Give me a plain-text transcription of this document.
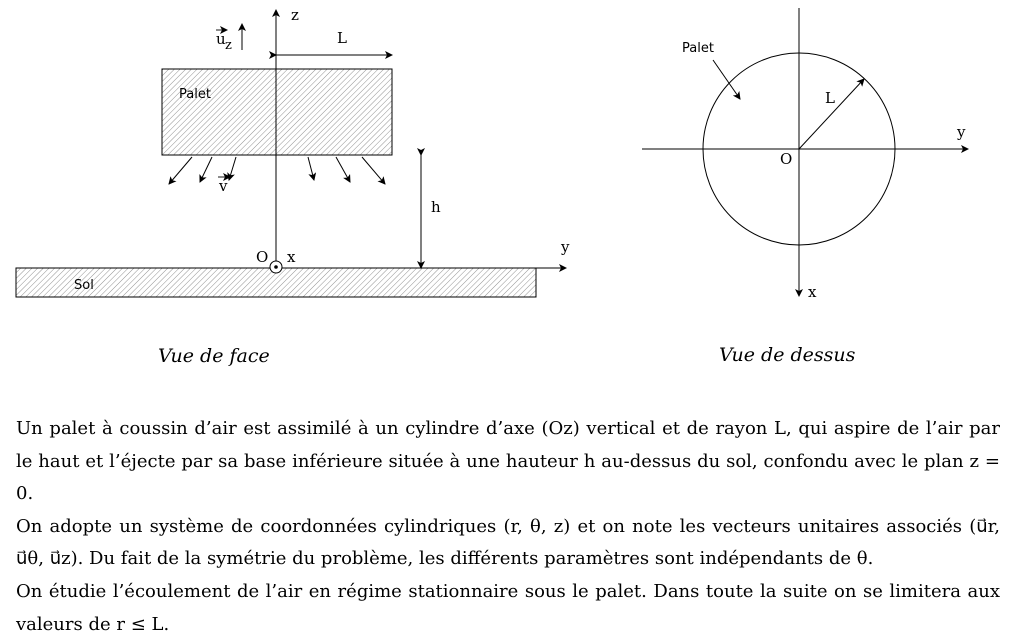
Sol
Palet
y
z
O x
u z	L
h
v
Vue de face
y
x
O
L
Palet
Vue de dessus

Un palet à coussin d’air est assimilé à un cylindre d’axe (Oz) vertical et de rayon L, qui aspire de l’air par le haut et l’éjecte par sa base inférieure située à une hauteur h au-dessus du sol, confondu avec le plan z = 0.

On adopte un système de coordonnées cylindriques (r, θ, z) et on note les vecteurs unitaires associés (u⃗r, u⃗θ, u⃗z). Du fait de la symétrie du problème, les différents paramètres sont indépendants de θ.

On étudie l’écoulement de l’air en régime stationnaire sous le palet. Dans toute la suite on se limitera aux valeurs de r ≤ L.
